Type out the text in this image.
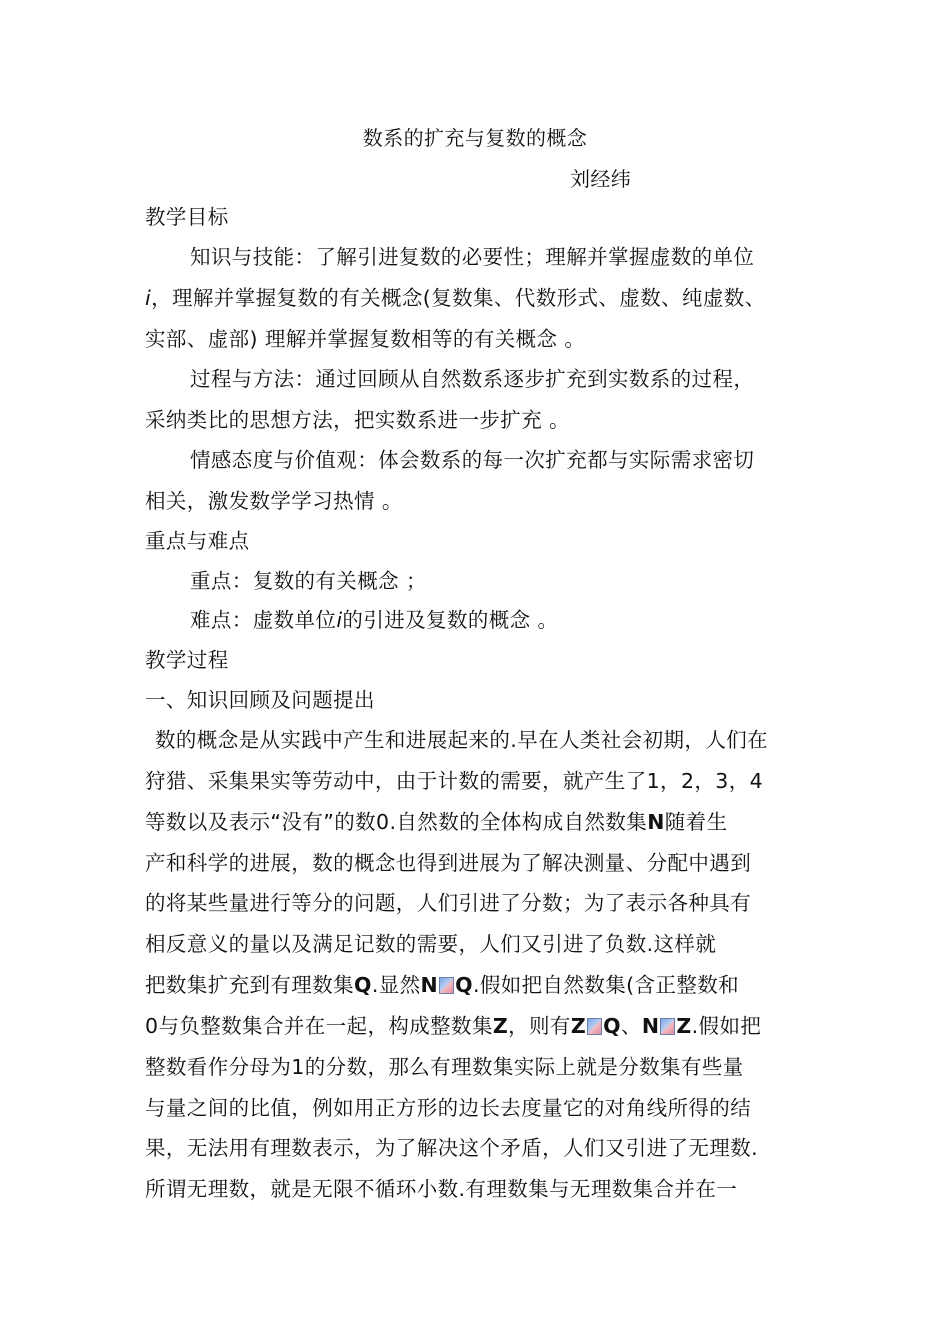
数系的扩充与复数的概念
刘经纬
教学目标
知识与技能：了解引进复数的必要性；理解并掌握虚数的单位
i，理解并掌握复数的有关概念(复数集、代数形式、虚数、纯虚数、
实部、虚部) 理解并掌握复数相等的有关概念 。
过程与方法：通过回顾从自然数系逐步扩充到实数系的过程，
采纳类比的思想方法，把实数系进一步扩充 。
情感态度与价值观：体会数系的每一次扩充都与实际需求密切
相关，激发数学学习热情 。
重点与难点
重点：复数的有关概念 ；
难点：虚数单位i的引进及复数的概念 。
教学过程
一、知识回顾及问题提出
数的概念是从实践中产生和进展起来的.早在人类社会初期，人们在
狩猎、采集果实等劳动中，由于计数的需要，就产生了1，2，3，4
等数以及表示“没有”的数0.自然数的全体构成自然数集N随着生
产和科学的进展，数的概念也得到进展为了解决测量、分配中遇到
的将某些量进行等分的问题，人们引进了分数；为了表示各种具有
相反意义的量以及满足记数的需要，人们又引进了负数.这样就
把数集扩充到有理数集Q.显然N Q.假如把自然数集(含正整数和
0与负整数集合并在一起，构成整数集Z，则有Z Q、N Z.假如把
整数看作分母为1的分数，那么有理数集实际上就是分数集有些量
与量之间的比值，例如用正方形的边长去度量它的对角线所得的结
果，无法用有理数表示，为了解决这个矛盾，人们又引进了无理数.
所谓无理数，就是无限不循环小数.有理数集与无理数集合并在一
